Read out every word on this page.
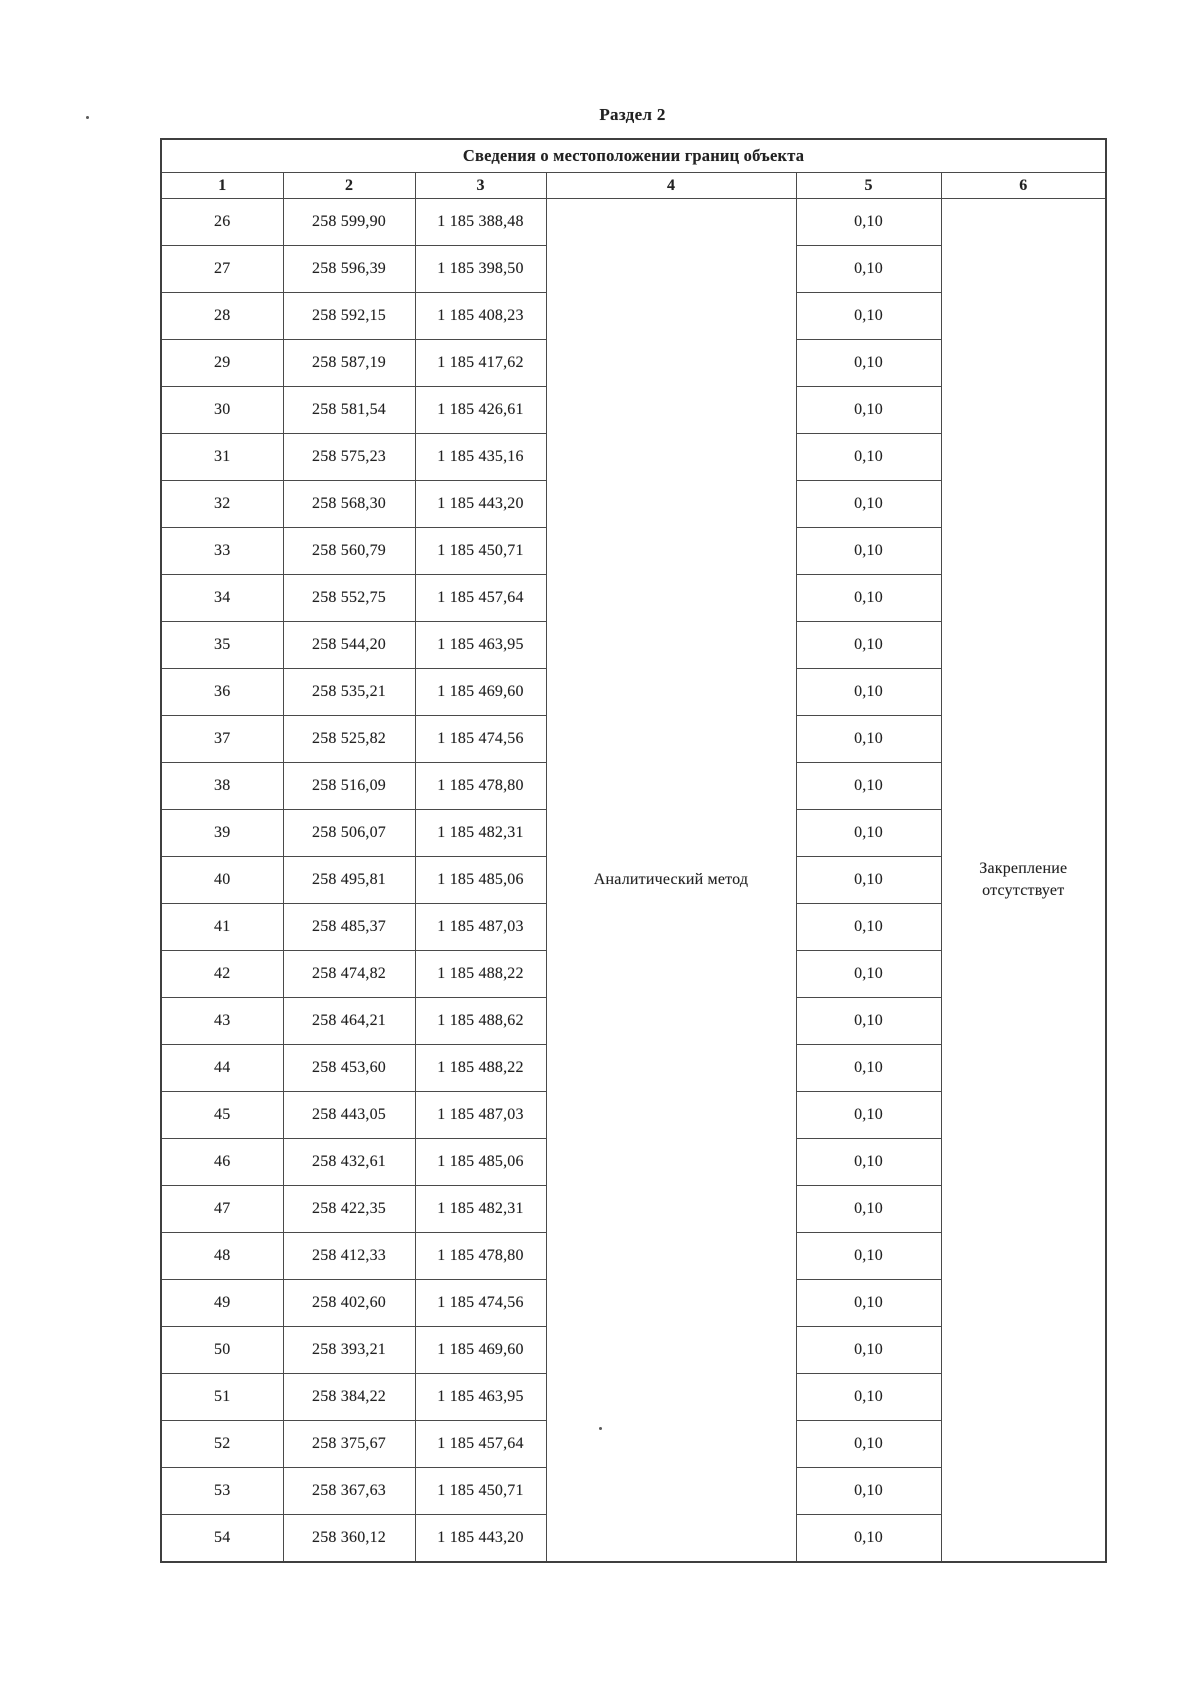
Раздел 2
Сведения о местоположении границ объекта					
1	2	3	4	5	6
26	258 599,90	1 185 388,48	Аналитический метод	0,10	Закрепление отсутствует
27	258 596,39	1 185 398,50		0,10	
28	258 592,15	1 185 408,23		0,10	
29	258 587,19	1 185 417,62		0,10	
30	258 581,54	1 185 426,61		0,10	
31	258 575,23	1 185 435,16		0,10	
32	258 568,30	1 185 443,20		0,10	
33	258 560,79	1 185 450,71		0,10	
34	258 552,75	1 185 457,64		0,10	
35	258 544,20	1 185 463,95		0,10	
36	258 535,21	1 185 469,60		0,10	
37	258 525,82	1 185 474,56		0,10	
38	258 516,09	1 185 478,80		0,10	
39	258 506,07	1 185 482,31		0,10	
40	258 495,81	1 185 485,06		0,10	
41	258 485,37	1 185 487,03		0,10	
42	258 474,82	1 185 488,22		0,10	
43	258 464,21	1 185 488,62		0,10	
44	258 453,60	1 185 488,22		0,10	
45	258 443,05	1 185 487,03		0,10	
46	258 432,61	1 185 485,06		0,10	
47	258 422,35	1 185 482,31		0,10	
48	258 412,33	1 185 478,80		0,10	
49	258 402,60	1 185 474,56		0,10	
50	258 393,21	1 185 469,60		0,10	
51	258 384,22	1 185 463,95		0,10	
52	258 375,67	1 185 457,64		0,10	
53	258 367,63	1 185 450,71		0,10	
54	258 360,12	1 185 443,20		0,10	
